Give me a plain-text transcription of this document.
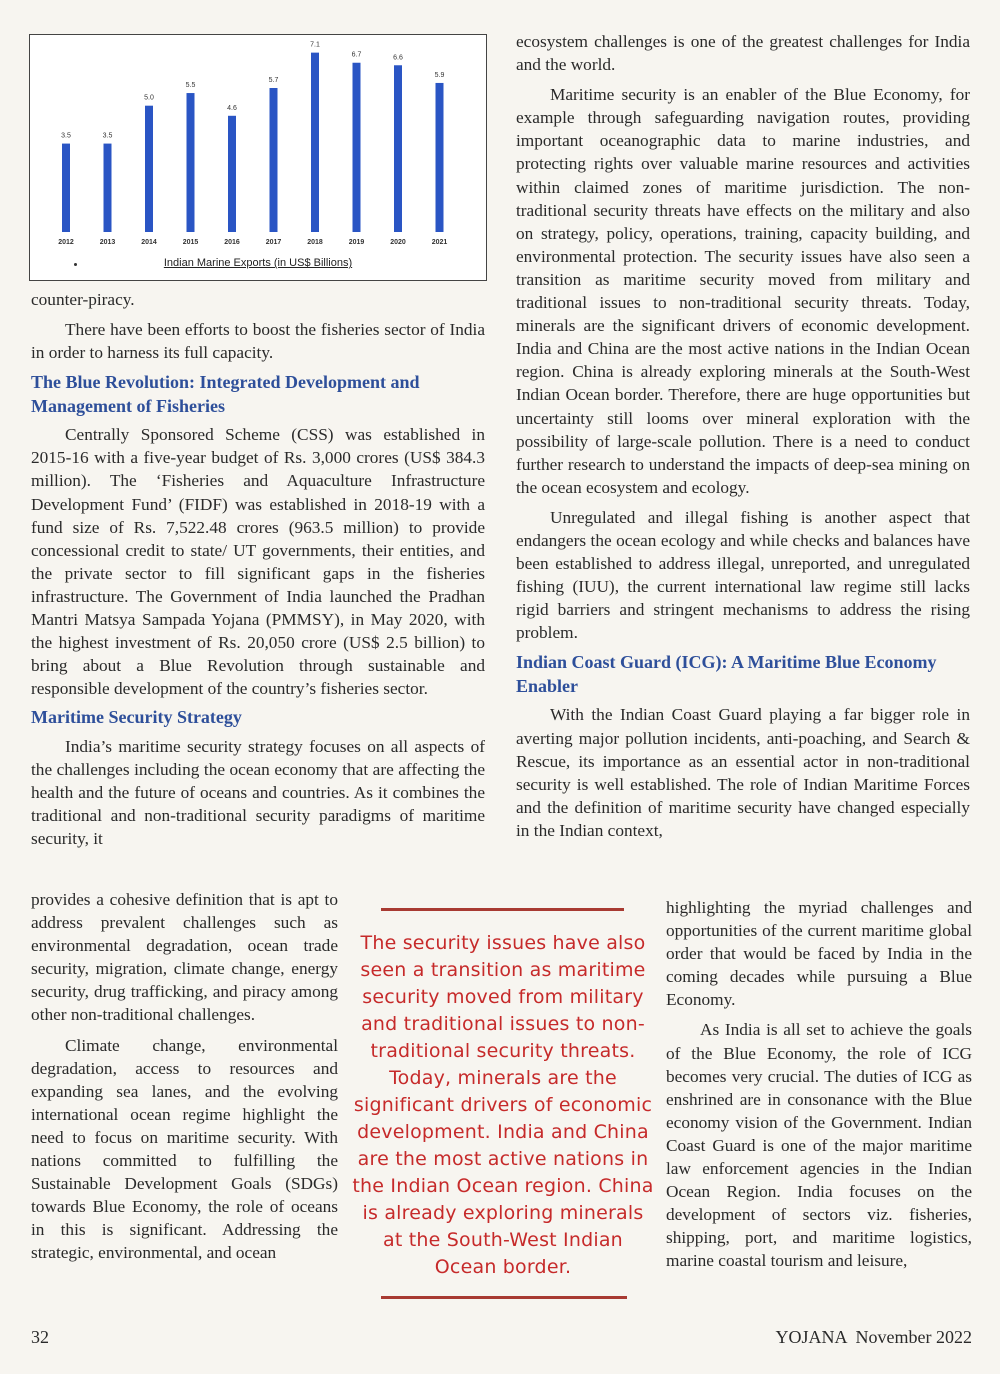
3.5
2012
3.5
2013
5.0
2014
5.5
2015
4.6
2016
5.7
2017
7.1
2018
6.7
2019
6.6
2020
5.9
2021
Indian Marine Exports (in US$ Billions)

counter-piracy.

There have been efforts to boost the fisheries sector of India in order to harness its full capacity.

The Blue Revolution: Integrated Development and Management of Fisheries

Centrally Sponsored Scheme (CSS) was established in 2015-16 with a five-year budget of Rs. 3,000 crores (US$ 384.3 million). The ‘Fisheries and Aquaculture Infrastructure Development Fund’ (FIDF) was established in 2018-19 with a fund size of Rs. 7,522.48 crores (963.5 million) to provide concessional credit to state/ UT governments, their entities, and the private sector to fill significant gaps in the fisheries infrastructure. The Government of India launched the Pradhan Mantri Matsya Sampada Yojana (PMMSY), in May 2020, with the highest investment of Rs. 20,050 crore (US$ 2.5 billion) to bring about a Blue Revolution through sustainable and responsible development of the country’s fisheries sector.

Maritime Security Strategy

India’s maritime security strategy focuses on all aspects of the challenges including the ocean economy that are affecting the health and the future of oceans and countries. As it combines the traditional and non-traditional security paradigms of maritime security, it

provides a cohesive definition that is apt to address prevalent challenges such as environmental degradation, ocean trade security, migration, climate change, energy security, drug trafficking, and piracy among other non-traditional challenges.

Climate change, environmental degradation, access to resources and expanding sea lanes, and the evolving international ocean regime highlight the need to focus on maritime security. With nations committed to fulfilling the Sustainable Development Goals (SDGs) towards Blue Economy, the role of oceans in this is significant. Addressing the strategic, environmental, and ocean

ecosystem challenges is one of the greatest challenges for India and the world.

Maritime security is an enabler of the Blue Economy, for example through safeguarding navigation routes, providing important oceanographic data to marine industries, and protecting rights over valuable marine resources and activities within claimed zones of maritime jurisdiction. The non-traditional security threats have effects on the military and also on strategy, policy, operations, training, capacity building, and environmental protection. The security issues have also seen a transition as maritime security moved from military and traditional issues to non-traditional security threats. Today, minerals are the significant drivers of economic development. India and China are the most active nations in the Indian Ocean region. China is already exploring minerals at the South-West Indian Ocean border. Therefore, there are huge opportunities but uncertainty still looms over mineral exploration with the possibility of large-scale pollution. There is a need to conduct further research to understand the impacts of deep-sea mining on the ocean ecosystem and ecology.

Unregulated and illegal fishing is another aspect that endangers the ocean ecology and while checks and balances have been established to address illegal, unreported, and unregulated fishing (IUU), the current international law regime still lacks rigid barriers and stringent mechanisms to address the rising problem.

Indian Coast Guard (ICG): A Maritime Blue Economy Enabler

With the Indian Coast Guard playing a far bigger role in averting major pollution incidents, anti-poaching, and Search & Rescue, its importance as an essential actor in non-traditional security is well established. The role of Indian Maritime Forces and the definition of maritime security have changed especially in the Indian context,

highlighting the myriad challenges and opportunities of the current maritime global order that would be faced by India in the coming decades while pursuing a Blue Economy.

As India is all set to achieve the goals of the Blue Economy, the role of ICG becomes very crucial. The duties of ICG as enshrined are in consonance with the Blue economy vision of the Government. Indian Coast Guard is one of the major maritime law enforcement agencies in the Indian Ocean Region. India focuses on the development of sectors viz. fisheries, shipping, port, and maritime logistics, marine coastal tourism and leisure,

The security issues have also seen a transition as maritime security moved from military and traditional issues to non-traditional security threats. Today, minerals are the significant drivers of economic development. India and China are the most active nations in the Indian Ocean region. China is already exploring minerals at the South-West Indian Ocean border.
32	YOJANA  November 2022
